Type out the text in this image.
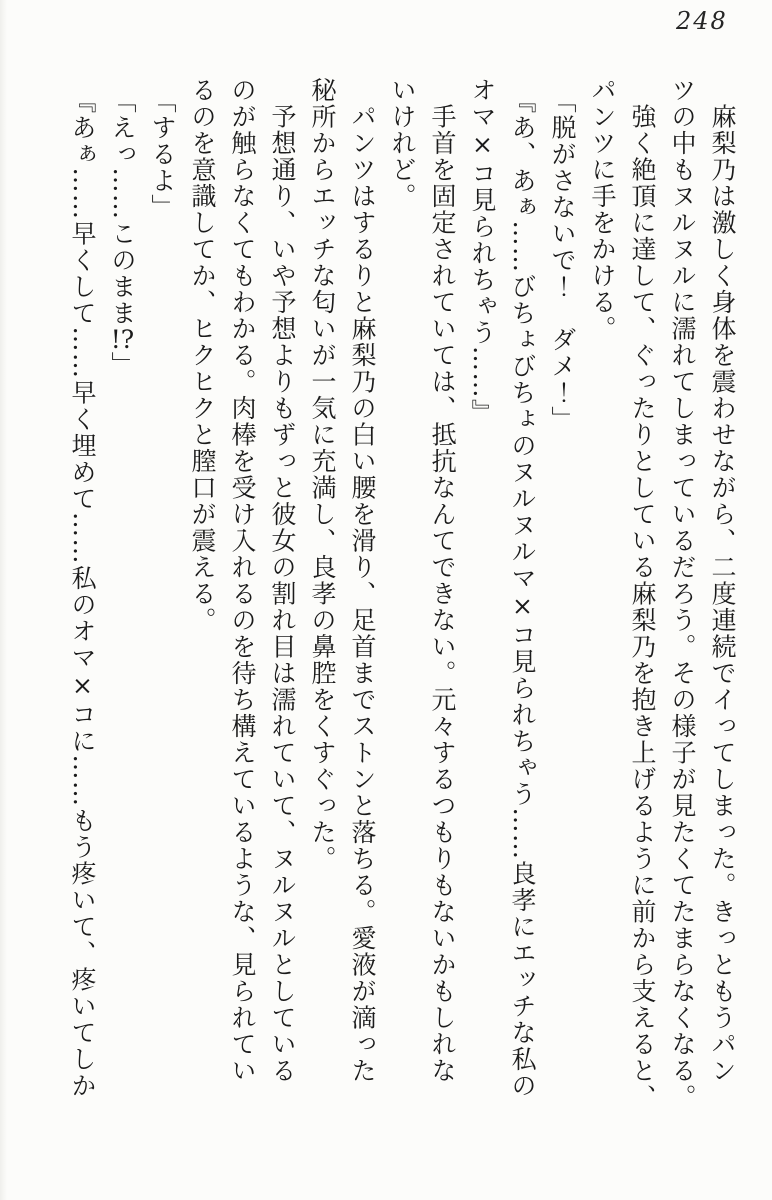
248
　麻梨乃は激しく身体を震わせながら、二度連続でイってしまった。きっともうパン
ツの中もヌルヌルに濡れてしまっているだろう。その様子が見たくてたまらなくなる。
　強く絶頂に達して、ぐったりとしている麻梨乃を抱き上げるように前から支えると、
パンツに手をかける。
「脱がさないで！　ダメ！」
『あ、あぁ……びちょびちょのヌルヌルマ×コ見られちゃう……良孝にエッチな私の
オマ×コ見られちゃう……』
　手首を固定されていては、抵抗なんてできない。元々するつもりもないかもしれな
いけれど。
　パンツはするりと麻梨乃の白い腰を滑り、足首までストンと落ちる。愛液が滴った
秘所からエッチな匂いが一気に充満し、良孝の鼻腔をくすぐった。
　予想通り、いや予想よりもずっと彼女の割れ目は濡れていて、ヌルヌルとしている
のが触らなくてもわかる。肉棒を受け入れるのを待ち構えているような、見られてい
るのを意識してか、ヒクヒクと膣口が震える。
「するよ」
「えっ……このまま!?」
『あぁ……早くして……早く埋めて……私のオマ×コに……もう疼いて、疼いてしか
